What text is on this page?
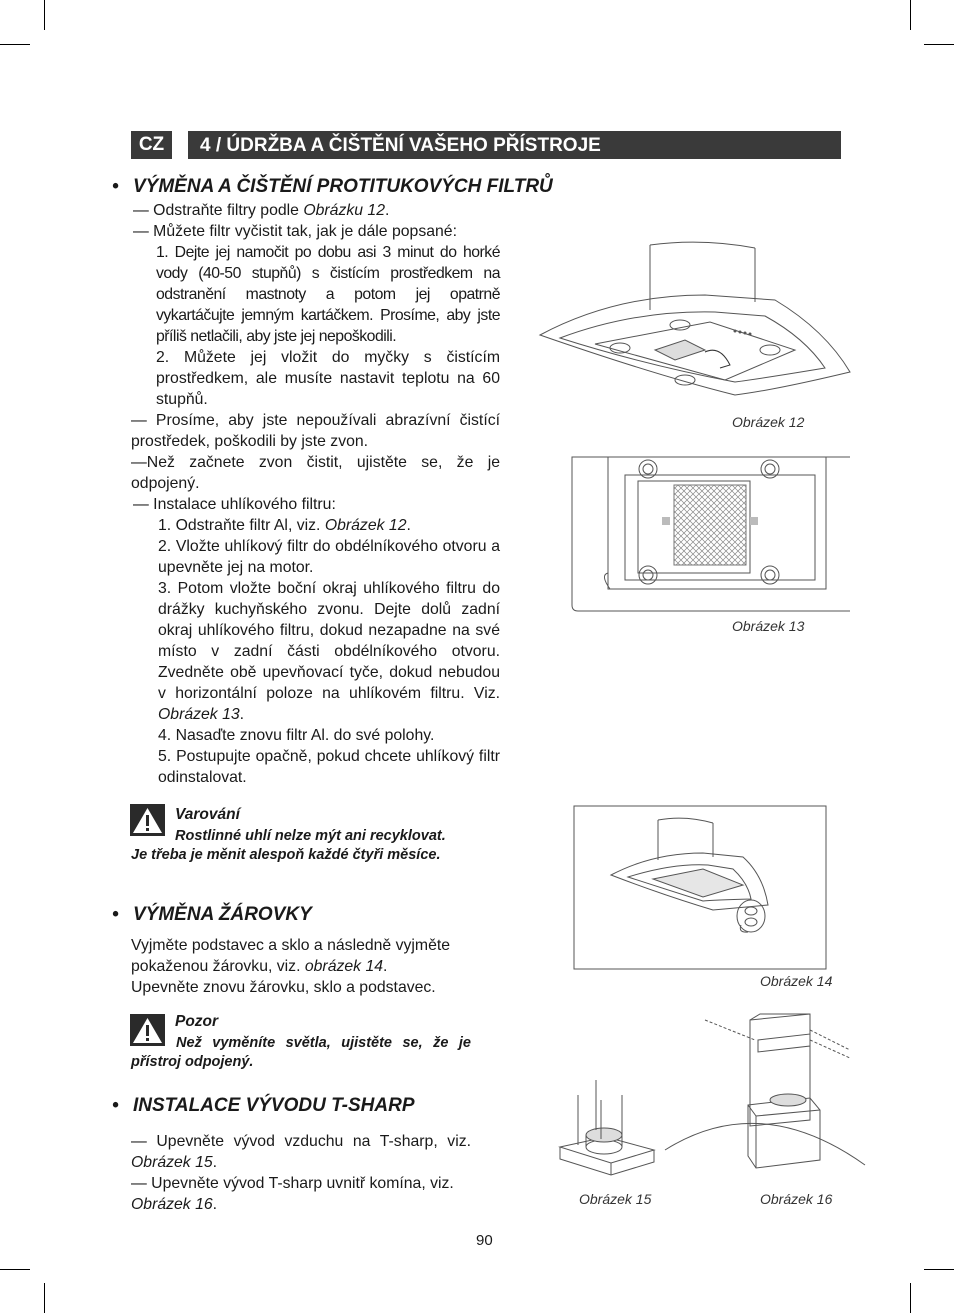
CZ	4 / ÚDRŽBA A ČIŠTĚNÍ VAŠEHO PŘÍSTROJE
• VÝMĚNA A ČIŠTĚNÍ PROTITUKOVÝCH FILTRŮ
— Odstraňte filtry podle Obrázku 12.
— Můžete filtr vyčistit tak, jak je dále popsané:
1. Dejte jej namočit po dobu asi 3 minut do horké vody (40-50 stupňů) s čistícím prostředkem na odstranění mastnoty a potom jej opatrně vykartáčujte jemným kartáčkem. Prosíme, aby jste příliš netlačili, aby jste jej nepoškodili.
2. Můžete jej vložit do myčky s čistícím prostředkem, ale musíte nastavit teplotu na 60 stupňů.
— Prosíme, aby jste nepoužívali abrazívní čistící prostředek, poškodili by jste zvon.
—Než začnete zvon čistit, ujistěte se, že je odpojený.
— Instalace uhlíkového filtru:
1. Odstraňte filtr Al, viz. Obrázek 12.
2. Vložte uhlíkový filtr do obdélníkového otvoru a upevněte jej na motor.
3. Potom vložte boční okraj uhlíkového filtru do drážky kuchyňského zvonu. Dejte dolů zadní okraj uhlíkového filtru, dokud nezapadne na své místo v zadní části obdélníkového otvoru. Zvedněte obě upevňovací tyče, dokud nebudou v horizontální poloze na uhlíkovém filtru. Viz. Obrázek 13.
4. Nasaďte znovu filtr Al. do své polohy.
5. Postupujte opačně, pokud chcete uhlíkový filtr odinstalovat.
Varování
Rostlinné uhlí nelze mýt ani recyklovat.
Je třeba je měnit alespoň každé čtyři měsíce.
• VÝMĚNA ŽÁROVKY
Vyjměte podstavec a sklo a následně vyjměte
pokaženou žárovku, viz. obrázek 14.
Upevněte znovu žárovku, sklo a podstavec.
Pozor
Než vyměníte světla, ujistěte se, že je přístroj odpojený.
• INSTALACE VÝVODU T-SHARP
— Upevněte vývod vzduchu na T-sharp, viz. Obrázek 15.
— Upevněte vývod T-sharp uvnitř komína, viz. Obrázek 16.
Obrázek 12
Obrázek 13
Obrázek 14
Obrázek 15	Obrázek 16
90
